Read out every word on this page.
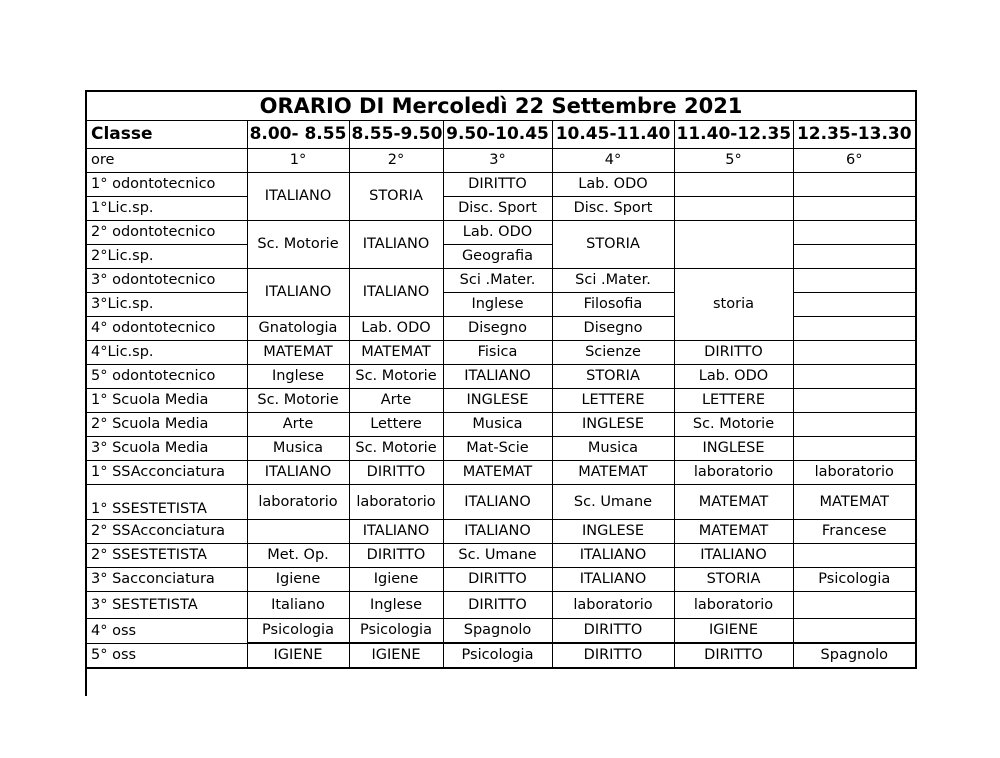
ORARIO DI Mercoledì 22 Settembre 2021						
Classe	8.00- 8.55	8.55-9.50	9.50-10.45	10.45-11.40	11.40-12.35	12.35-13.30
ore	1°	2°	3°	4°	5°	6°
1° odontotecnico	ITALIANO	STORIA	DIRITTO	Lab. ODO		
1°Lic.sp.			Disc. Sport	Disc. Sport		
2° odontotecnico	Sc. Motorie	ITALIANO	Lab. ODO	STORIA		
2°Lic.sp.			Geografia			
3° odontotecnico	ITALIANO	ITALIANO	Sci .Mater.	Sci .Mater.	storia	
3°Lic.sp.			Inglese	Filosofia		
4° odontotecnico	Gnatologia	Lab. ODO	Disegno	Disegno		
4°Lic.sp.	MATEMAT	MATEMAT	Fisica	Scienze	DIRITTO	
5° odontotecnico	Inglese	Sc. Motorie	ITALIANO	STORIA	Lab. ODO	
1° Scuola Media	Sc. Motorie	Arte	INGLESE	LETTERE	LETTERE	
2° Scuola Media	Arte	Lettere	Musica	INGLESE	Sc. Motorie	
3° Scuola Media	Musica	Sc. Motorie	Mat-Scie	Musica	INGLESE	
1° SSAcconciatura	ITALIANO	DIRITTO	MATEMAT	MATEMAT	laboratorio	laboratorio
1° SSESTETISTA	laboratorio	laboratorio	ITALIANO	Sc. Umane	MATEMAT	MATEMAT
2° SSAcconciatura		ITALIANO	ITALIANO	INGLESE	MATEMAT	Francese
2° SSESTETISTA	Met. Op.	DIRITTO	Sc. Umane	ITALIANO	ITALIANO	
3° Sacconciatura	Igiene	Igiene	DIRITTO	ITALIANO	STORIA	Psicologia
3° SESTETISTA	Italiano	Inglese	DIRITTO	laboratorio	laboratorio	
4° oss	Psicologia	Psicologia	Spagnolo	DIRITTO	IGIENE	
5° oss	IGIENE	IGIENE	Psicologia	DIRITTO	DIRITTO	Spagnolo
